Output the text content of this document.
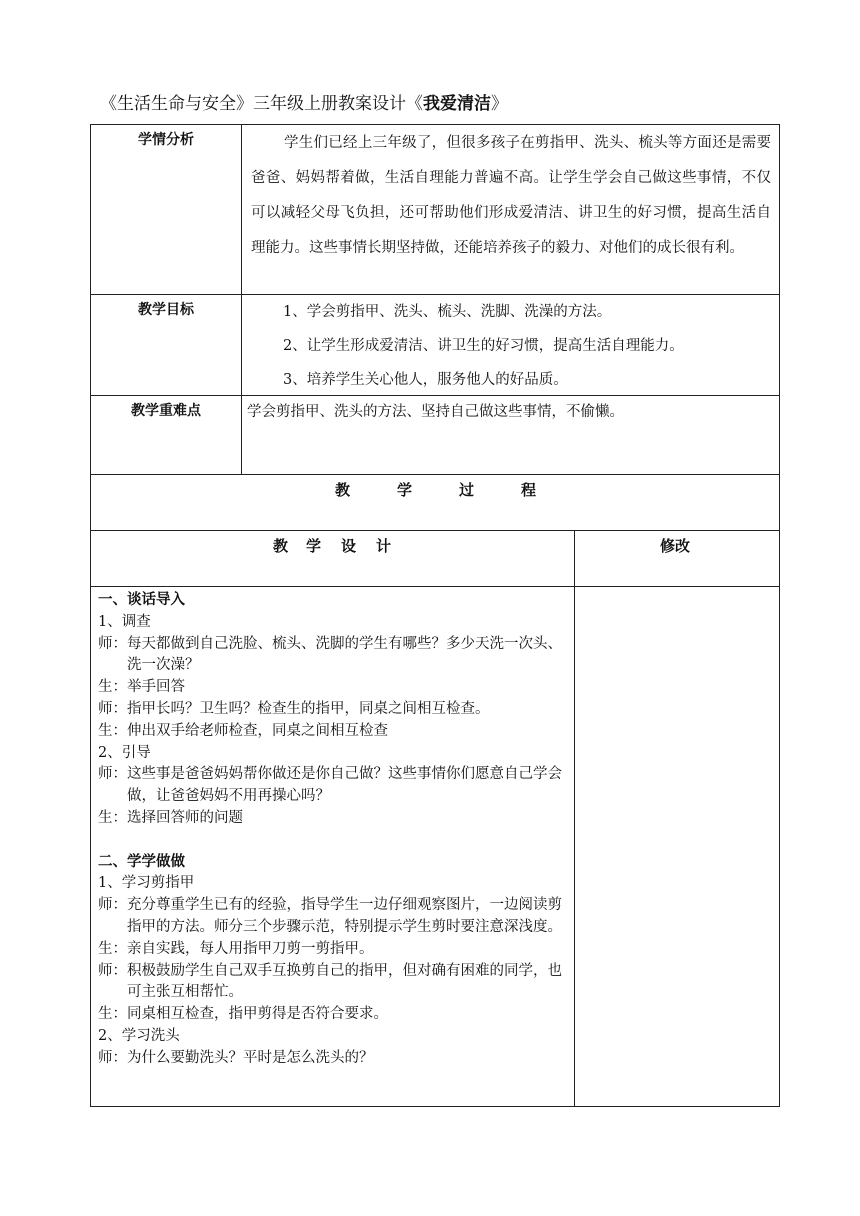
《生活生命与安全》三年级上册教案设计《我爱清洁》
学情分析	学生们已经上三年级了，但很多孩子在剪指甲、洗头、梳头等方面还是需要爸爸、妈妈帮着做，生活自理能力普遍不高。让学生学会自己做这些事情，不仅可以减轻父母飞负担，还可帮助他们形成爱清洁、讲卫生的好习惯，提高生活自理能力。这些事情长期坚持做，还能培养孩子的毅力、对他们的成长很有利。
教学目标	1、学会剪指甲、洗头、梳头、洗脚、洗澡的方法。
2、让学生形成爱清洁、讲卫生的好习惯，提高生活自理能力。
3、培养学生关心他人，服务他人的好品质。
教学重难点	学会剪指甲、洗头的方法、坚持自己做这些事情，不偷懒。
教	学	过	程
教 学 设 计	修改
一、谈话导入
1、调查
师： 每天都做到自己洗脸、梳头、洗脚的学生有哪些？多少天洗一次头、洗一次澡？
生： 举手回答
师： 指甲长吗？卫生吗？检查生的指甲，同桌之间相互检查。
生： 伸出双手给老师检查，同桌之间相互检查
2、引导
师： 这些事是爸爸妈妈帮你做还是你自己做？这些事情你们愿意自己学会做，让爸爸妈妈不用再操心吗？
生： 选择回答师的问题
二、学学做做
1、学习剪指甲
师： 充分尊重学生已有的经验，指导学生一边仔细观察图片，一边阅读剪指甲的方法。师分三个步骤示范，特别提示学生剪时要注意深浅度。
生： 亲自实践，每人用指甲刀剪一剪指甲。
师： 积极鼓励学生自己双手互换剪自己的指甲，但对确有困难的同学，也可主张互相帮忙。
生： 同桌相互检查，指甲剪得是否符合要求。
2、学习洗头
师： 为什么要勤洗头？平时是怎么洗头的？
